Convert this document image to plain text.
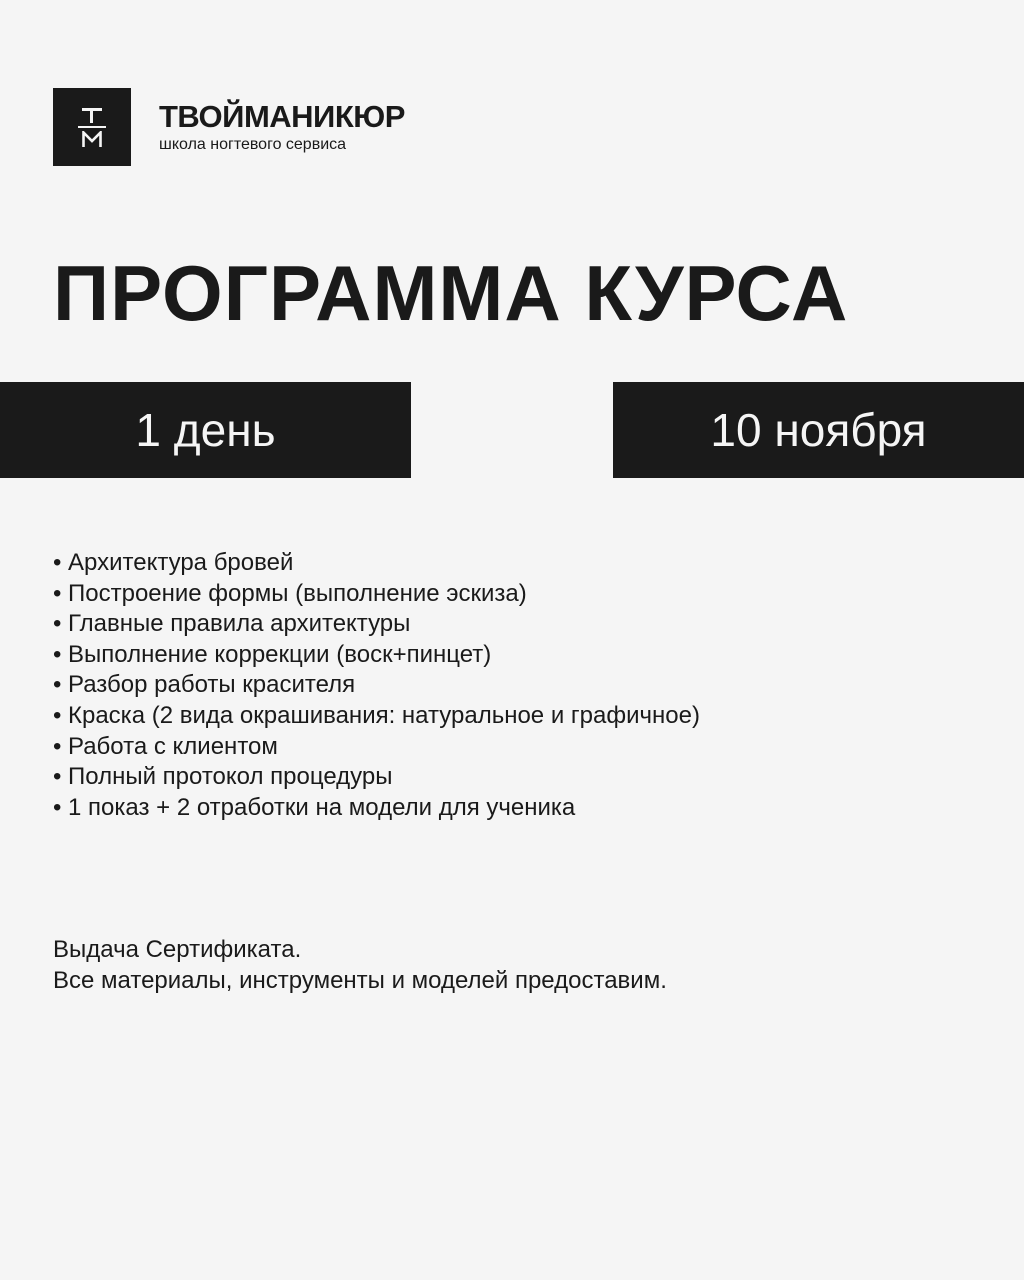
ТВОЙМАНИКЮР

школа ногтевого сервиса

ПРОГРАММА КУРСА
1 день	10 ноября
• Архитектура бровей
• Построение формы (выполнение эскиза)
• Главные правила архитектуры
• Выполнение коррекции (воск+пинцет)
• Разбор работы красителя
• Краска (2 вида окрашивания: натуральное и графичное)
• Работа с клиентом
• Полный протокол процедуры
• 1 показ + 2 отработки на модели для ученика
Выдача Сертификата.
Все материалы, инструменты и моделей предоставим.
